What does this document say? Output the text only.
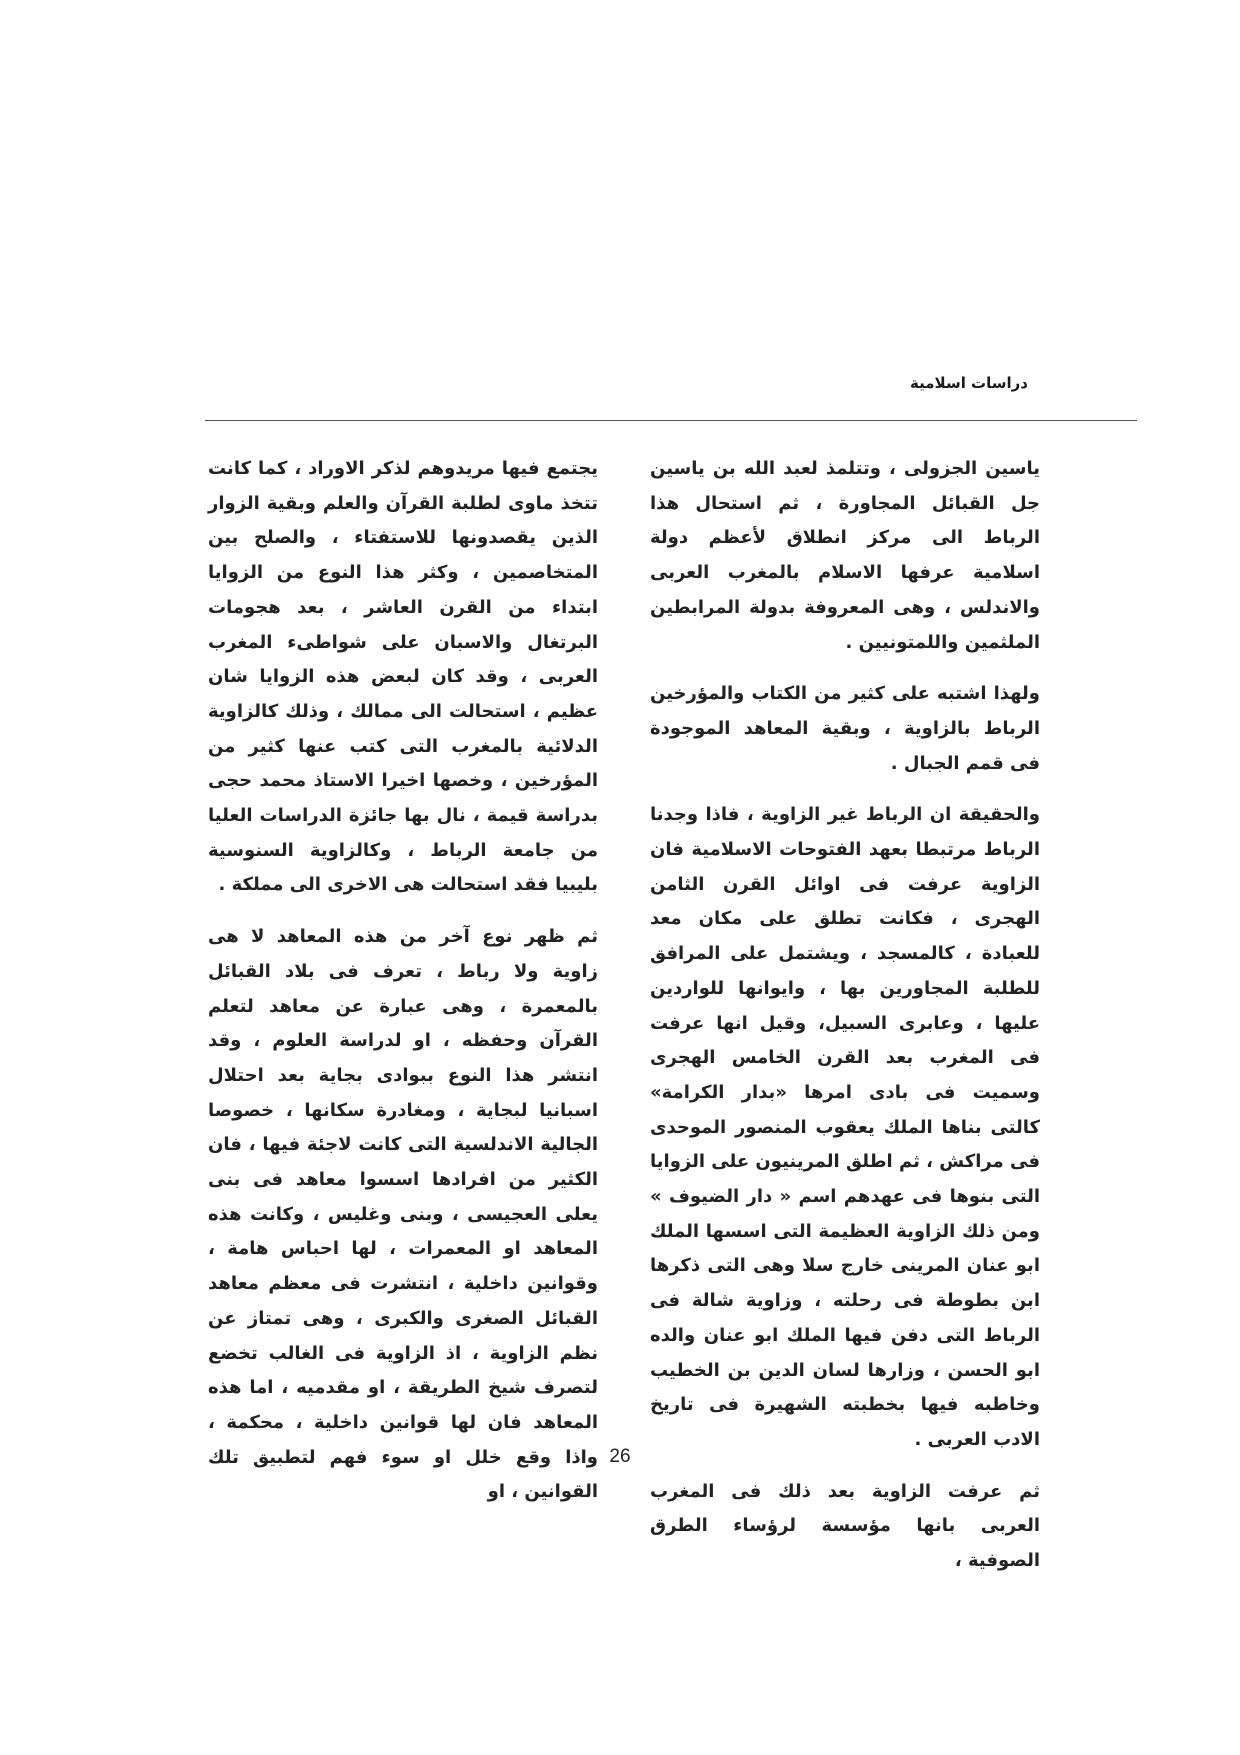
دراسات اسلامية

ياسين الجزولى ، وتتلمذ لعبد الله بن ياسين جل القبائل المجاورة ، ثم استحال هذا الرباط الى مركز انطلاق لأعظم دولة اسلامية عرفها الاسلام بالمغرب العربى والاندلس ، وهى المعروفة بدولة المرابطين الملثمين واللمتونيين .

ولهذا اشتبه على كثير من الكتاب والمؤرخين الرباط بالزاوية ، وبقية المعاهد الموجودة فى قمم الجبال .

والحقيقة ان الرباط غير الزاوية ، فاذا وجدنا الرباط مرتبطا بعهد الفتوحات الاسلامية فان الزاوية عرفت فى اوائل القرن الثامن الهجرى ، فكانت تطلق على مكان معد للعبادة ، كالمسجد ، ويشتمل على المرافق للطلبة المجاورين بها ، وايوانها للواردين عليها ، وعابرى السبيل، وقيل انها عرفت فى المغرب بعد القرن الخامس الهجرى وسميت فى بادى امرها «بدار الكرامة» كالتى بناها الملك يعقوب المنصور الموحدى فى مراكش ، ثم اطلق المرينيون على الزوايا التى بنوها فى عهدهم اسم « دار الضيوف » ومن ذلك الزاوية العظيمة التى اسسها الملك ابو عنان المرينى خارج سلا وهى التى ذكرها ابن بطوطة فى رحلته ، وزاوية شالة فى الرباط التى دفن فيها الملك ابو عنان والده ابو الحسن ، وزارها لسان الدين بن الخطيب وخاطبه فيها بخطبته الشهيرة فى تاريخ الادب العربى .

ثم عرفت الزاوية بعد ذلك فى المغرب العربى بانها مؤسسة لرؤساء الطرق الصوفية ،

يجتمع فيها مريدوهم لذكر الاوراد ، كما كانت تتخذ ماوى لطلبة القرآن والعلم وبقية الزوار الذين يقصدونها للاستفتاء ، والصلح بين المتخاصمين ، وكثر هذا النوع من الزوايا ابتداء من القرن العاشر ، بعد هجومات البرتغال والاسبان على شواطىء المغرب العربى ، وقد كان لبعض هذه الزوايا شان عظيم ، استحالت الى ممالك ، وذلك كالزاوية الدلائية بالمغرب التى كتب عنها كثير من المؤرخين ، وخصها اخيرا الاستاذ محمد حجى بدراسة قيمة ، نال بها جائزة الدراسات العليا من جامعة الرباط ، وكالزاوية السنوسية بليبيا فقد استحالت هى الاخرى الى مملكة .

ثم ظهر نوع آخر من هذه المعاهد لا هى زاوية ولا رباط ، تعرف فى بلاد القبائل بالمعمرة ، وهى عبارة عن معاهد لتعلم القرآن وحفظه ، او لدراسة العلوم ، وقد انتشر هذا النوع ببوادى بجاية بعد احتلال اسبانيا لبجاية ، ومغادرة سكانها ، خصوصا الجالية الاندلسية التى كانت لاجئة فيها ، فان الكثير من افرادها اسسوا معاهد فى بنى يعلى العجيسى ، وبنى وغليس ، وكانت هذه المعاهد او المعمرات ، لها احباس هامة ، وقوانين داخلية ، انتشرت فى معظم معاهد القبائل الصغرى والكبرى ، وهى تمتاز عن نظم الزاوية ، اذ الزاوية فى الغالب تخضع لتصرف شيخ الطريقة ، او مقدميه ، اما هذه المعاهد فان لها قوانين داخلية ، محكمة ، واذا وقع خلل او سوء فهم لتطبيق تلك القوانين ، او

26
